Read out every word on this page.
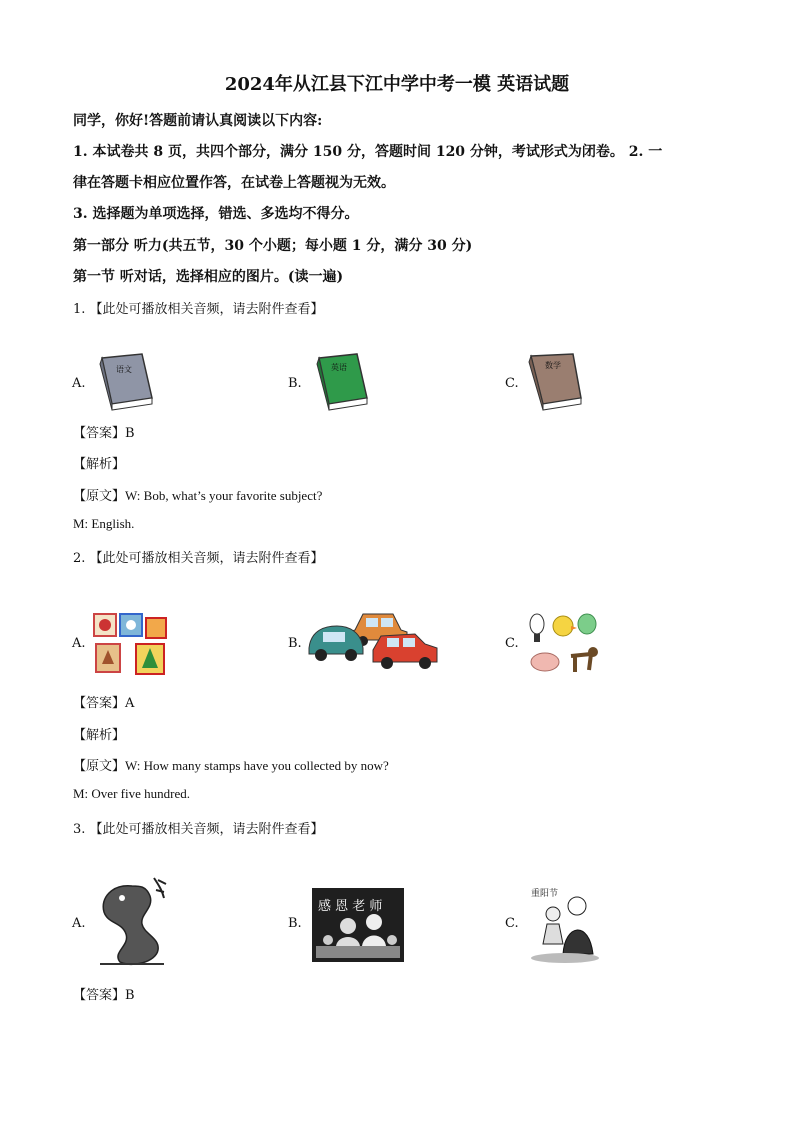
2024年从江县下江中学中考一模 英语试题
同学，你好!答题前请认真阅读以下内容:
1. 本试卷共 8 页，共四个部分，满分 150 分，答题时间 120 分钟，考试形式为闭卷。 2. 一
律在答题卡相应位置作答，在试卷上答题视为无效。
3. 选择题为单项选择，错选、多选均不得分。
第一部分 听力(共五节，30 个小题；每小题 1 分，满分 30 分)
第一节 听对话，选择相应的图片。(读一遍)
1. 【此处可播放相关音频，请去附件查看】
A.
语文
B.
英语
C.
数学
【答案】B
【解析】
【原文】W: Bob, what’s your favorite subject?
M: English.
2. 【此处可播放相关音频，请去附件查看】
A.	B.	C.
【答案】A
【解析】
【原文】W: How many stamps have you collected by now?
M: Over five hundred.
3. 【此处可播放相关音频，请去附件查看】
A.	B.
感 恩 老 师
C.
重阳节
【答案】B
